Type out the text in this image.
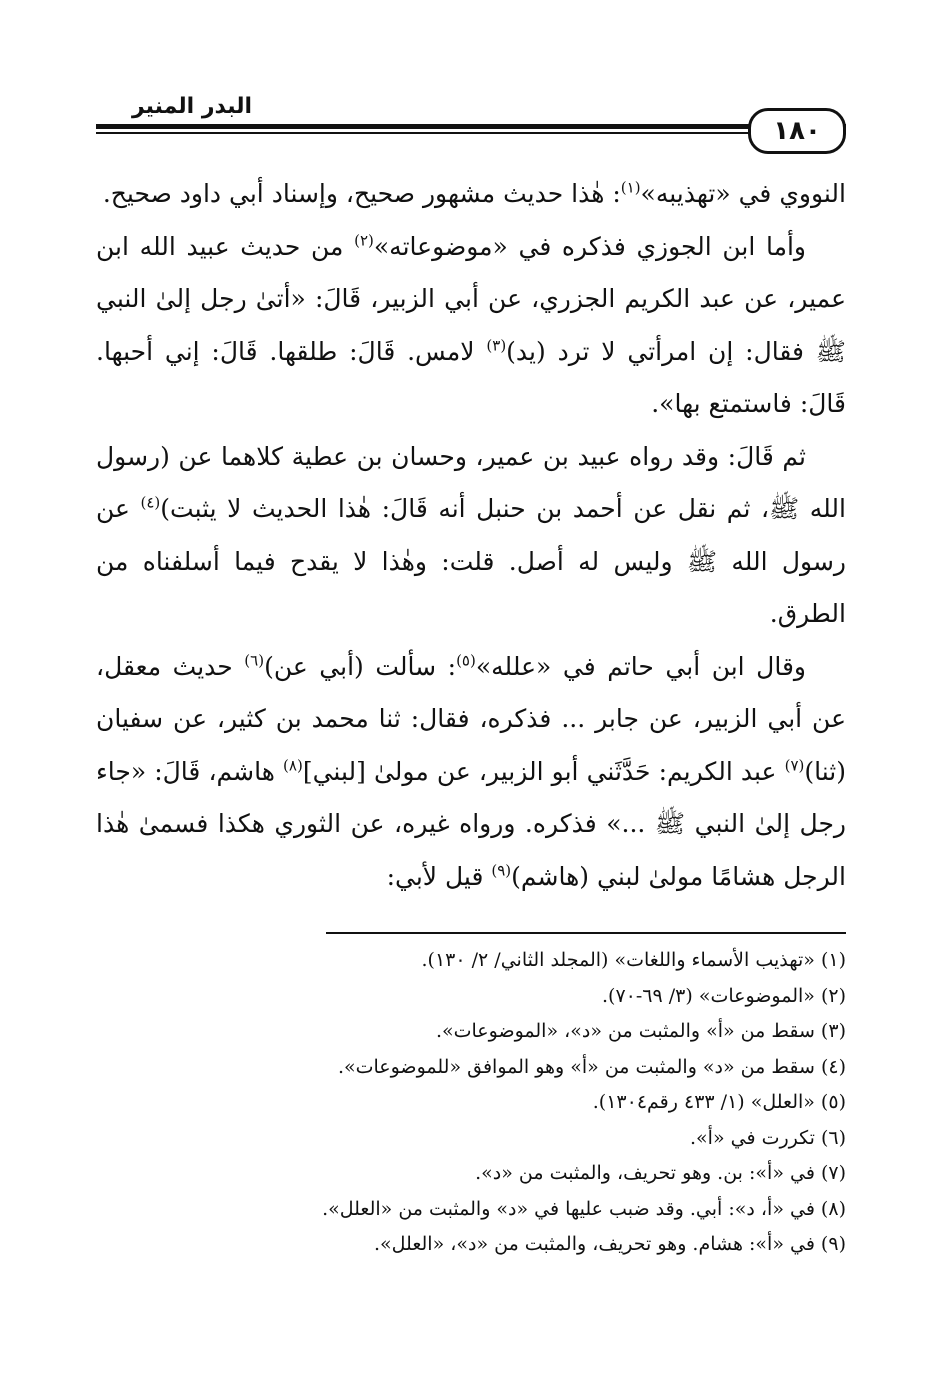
١٨٠
البدر المنير

النووي في «تهذيبه»$^{(١)}$: هٰذا حديث مشهور صحيح، وإسناد أبي داود صحيح.

وأما ابن الجوزي فذكره في «موضوعاته»$^{(٢)}$ من حديث عبيد الله ابن عمير، عن عبد الكريم الجزري، عن أبي الزبير، قَالَ: «أتىٰ رجل إلىٰ النبي ﷺ فقال: إن امرأتي لا ترد (يد)$^{(٣)}$ لامس. قَالَ: طلقها. قَالَ: إني أحبها. قَالَ: فاستمتع بها».

ثم قَالَ: وقد رواه عبيد بن عمير، وحسان بن عطية كلاهما عن (رسول الله ﷺ، ثم نقل عن أحمد بن حنبل أنه قَالَ: هٰذا الحديث لا يثبت)$^{(٤)}$ عن رسول الله ﷺ وليس له أصل. قلت: وهٰذا لا يقدح فيما أسلفناه من الطرق.

وقال ابن أبي حاتم في «علله»$^{(٥)}$: سألت (أبي عن)$^{(٦)}$ حديث معقل، عن أبي الزبير، عن جابر ... فذكره، فقال: ثنا محمد بن كثير، عن سفيان (ثنا)$^{(٧)}$ عبد الكريم: حَدَّثَني أبو الزبير، عن مولىٰ [لبني]$^{(٨)}$ هاشم، قَالَ: «جاء رجل إلىٰ النبي ﷺ ...» فذكره. ورواه غيره، عن الثوري هكذا فسمىٰ هٰذا الرجل هشامًا مولىٰ لبني (هاشم)$^{(٩)}$ قيل لأبي:

(١) «تهذيب الأسماء واللغات» (المجلد الثاني/ ٢/ ١٣٠).

(٢) «الموضوعات» (٣/ ٦٩-٧٠).

(٣) سقط من «أ» والمثبت من «د»، «الموضوعات».

(٤) سقط من «د» والمثبت من «أ» وهو الموافق «للموضوعات».

(٥) «العلل» (١/ ٤٣٣ رقم١٣٠٤).

(٦) تكررت في «أ».

(٧) في «أ»: بن. وهو تحريف، والمثبت من «د».

(٨) في «أ، د»: أبي. وقد ضبب عليها في «د» والمثبت من «العلل».

(٩) في «أ»: هشام. وهو تحريف، والمثبت من «د»، «العلل».
